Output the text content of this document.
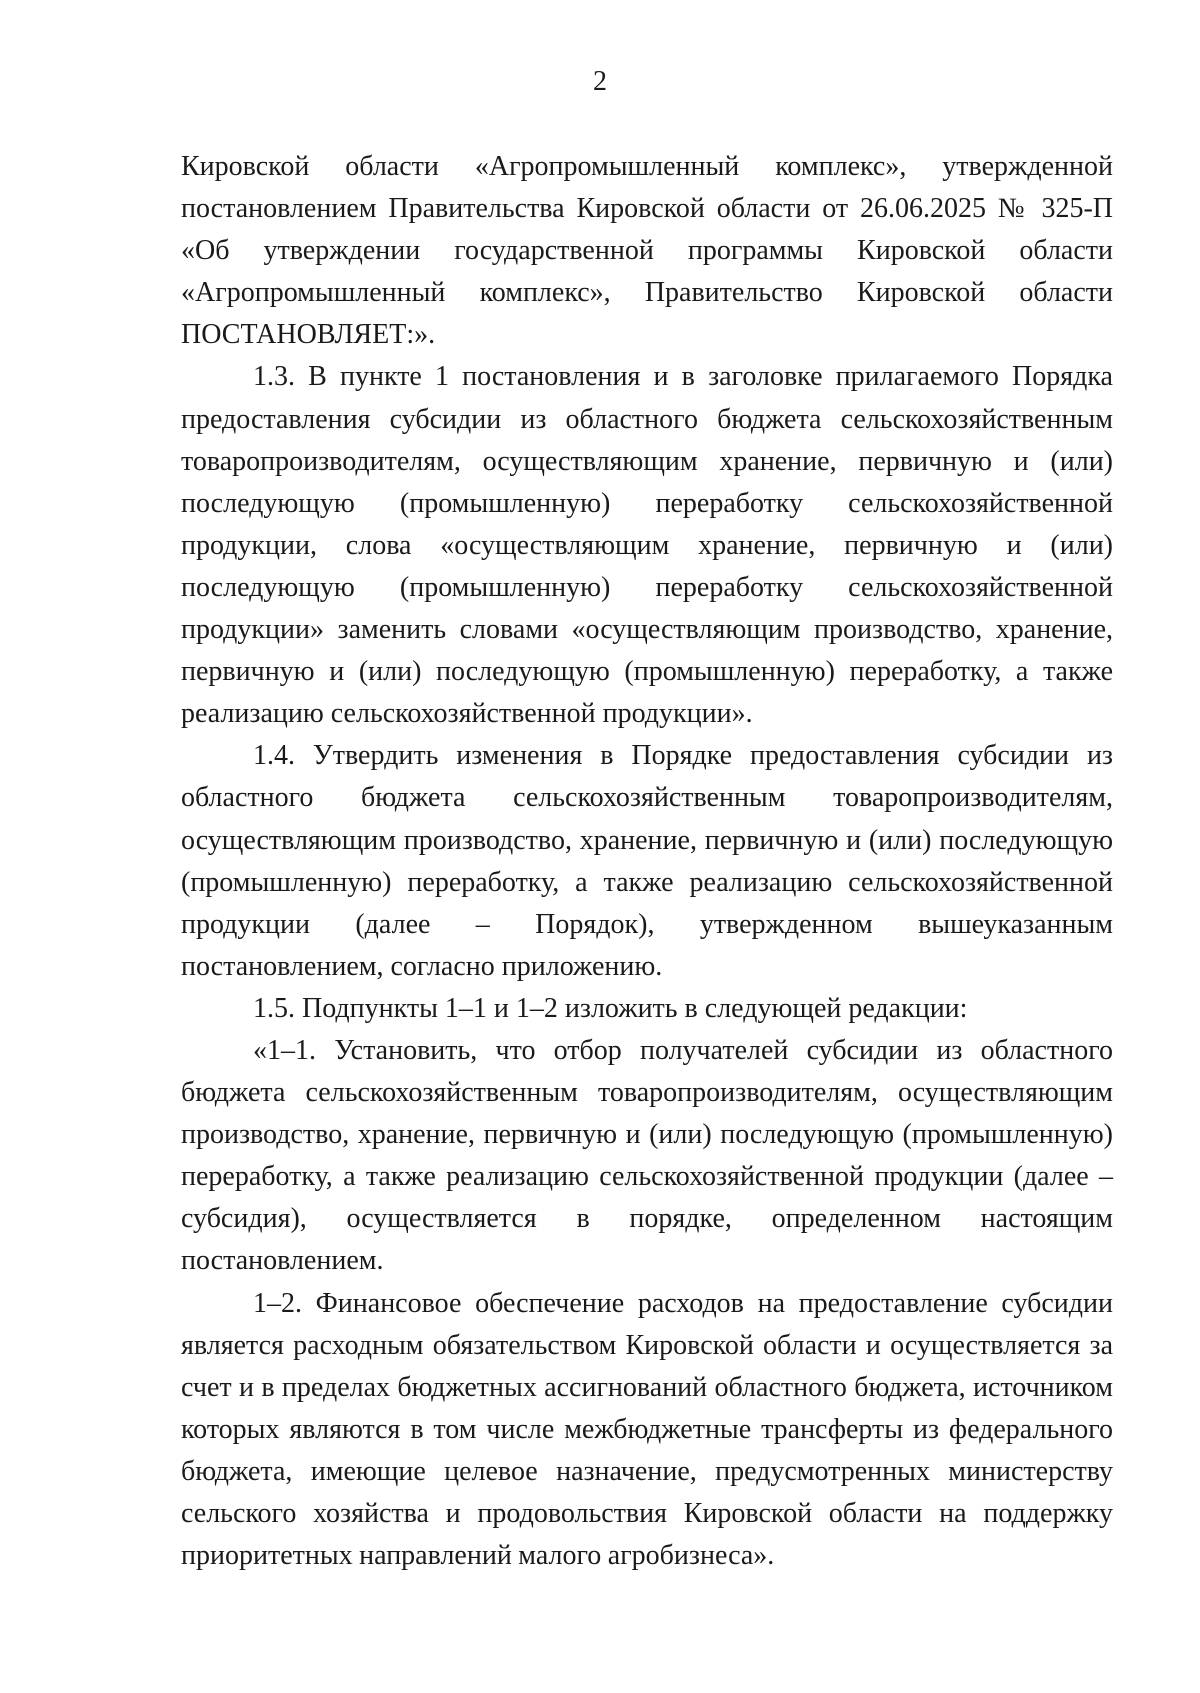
2

Кировской области «Агропромышленный комплекс», утвержденной постановлением Правительства Кировской области от 26.06.2025 № 325-П «Об утверждении государственной программы Кировской области «Агропромышленный комплекс», Правительство Кировской области ПОСТАНОВЛЯЕТ:».

1.3. В пункте 1 постановления и в заголовке прилагаемого Порядка предоставления субсидии из областного бюджета сельскохозяйственным товаропроизводителям, осуществляющим хранение, первичную и (или) последующую (промышленную) переработку сельскохозяйственной продукции, слова «осуществляющим хранение, первичную и (или) последующую (промышленную) переработку сельскохозяйственной продукции» заменить словами «осуществляющим производство, хранение, первичную и (или) последующую (промышленную) переработку, а также реализацию сельскохозяйственной продукции».

1.4. Утвердить изменения в Порядке предоставления субсидии из областного бюджета сельскохозяйственным товаропроизводителям, осуществляющим производство, хранение, первичную и (или) последующую (промышленную) переработку, а также реализацию сельскохозяйственной продукции (далее – Порядок), утвержденном вышеуказанным постановлением, согласно приложению.

1.5. Подпункты 1–1 и 1–2 изложить в следующей редакции:

«1–1. Установить, что отбор получателей субсидии из областного бюджета сельскохозяйственным товаропроизводителям, осуществляющим производство, хранение, первичную и (или) последующую (промышленную) переработку, а также реализацию сельскохозяйственной продукции (далее – субсидия), осуществляется в порядке, определенном настоящим постановлением.

1–2. Финансовое обеспечение расходов на предоставление субсидии является расходным обязательством Кировской области и осуществляется за счет и в пределах бюджетных ассигнований областного бюджета, источником которых являются в том числе межбюджетные трансферты из федерального бюджета, имеющие целевое назначение, предусмотренных министерству сельского хозяйства и продовольствия Кировской области на поддержку приоритетных направлений малого агробизнеса».
